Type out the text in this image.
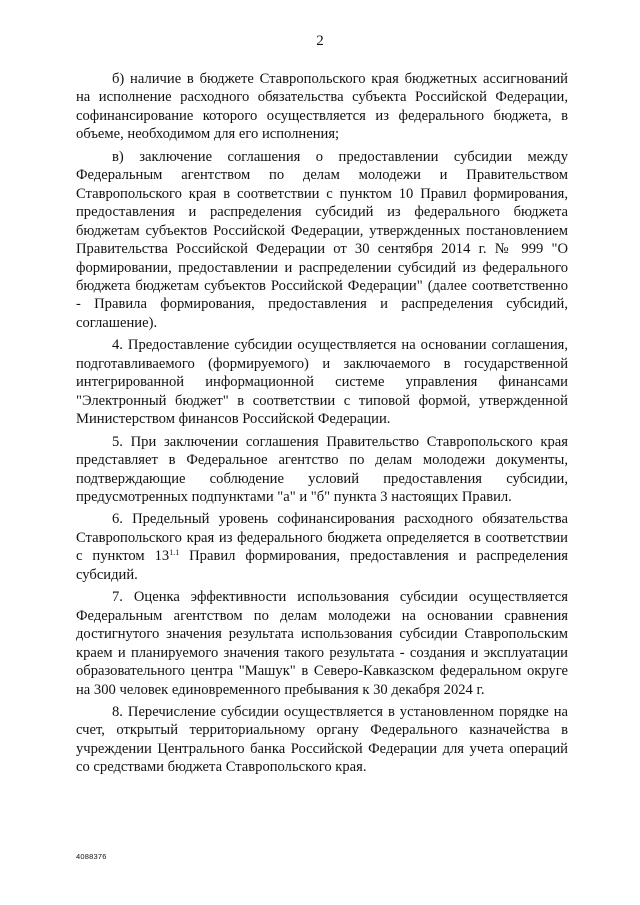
2

б) наличие в бюджете Ставропольского края бюджетных ассигнований на исполнение расходного обязательства субъекта Российской Федерации, софинансирование которого осуществляется из федерального бюджета, в объеме, необходимом для его исполнения;

в) заключение соглашения о предоставлении субсидии между Федеральным агентством по делам молодежи и Правительством Ставропольского края в соответствии с пунктом 10 Правил формирования, предоставления и распределения субсидий из федерального бюджета бюджетам субъектов Российской Федерации, утвержденных постановлением Правительства Российской Федерации от 30 сентября 2014 г. № 999 "О формировании, предоставлении и распределении субсидий из федерального бюджета бюджетам субъектов Российской Федерации" (далее соответственно - Правила формирования, предоставления и распределения субсидий, соглашение).

4. Предоставление субсидии осуществляется на основании соглашения, подготавливаемого (формируемого) и заключаемого в государственной интегрированной информационной системе управления финансами "Электронный бюджет" в соответствии с типовой формой, утвержденной Министерством финансов Российской Федерации.

5. При заключении соглашения Правительство Ставропольского края представляет в Федеральное агентство по делам молодежи документы, подтверждающие соблюдение условий предоставления субсидии, предусмотренных подпунктами "а" и "б" пункта 3 настоящих Правил.

6. Предельный уровень софинансирования расходного обязательства Ставропольского края из федерального бюджета определяется в соответствии с пунктом $13^{1.1}$ Правил формирования, предоставления и распределения субсидий.

7. Оценка эффективности использования субсидии осуществляется Федеральным агентством по делам молодежи на основании сравнения достигнутого значения результата использования субсидии Ставропольским краем и планируемого значения такого результата - создания и эксплуатации образовательного центра "Машук" в Северо-Кавказском федеральном округе на 300 человек единовременного пребывания к 30 декабря 2024 г.

8. Перечисление субсидии осуществляется в установленном порядке на счет, открытый территориальному органу Федерального казначейства в учреждении Центрального банка Российской Федерации для учета операций со средствами бюджета Ставропольского края.

4088376
